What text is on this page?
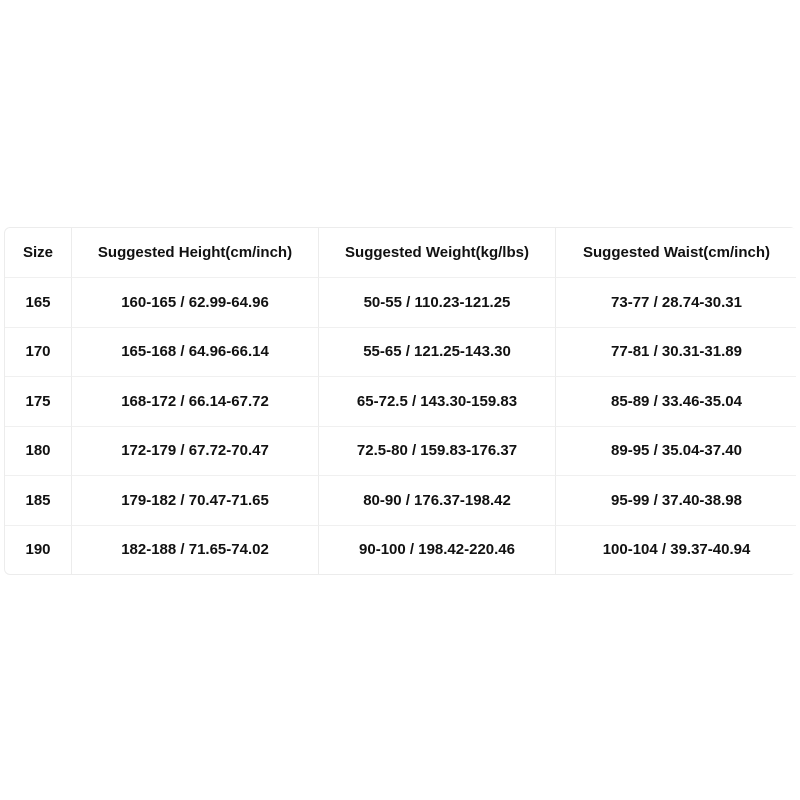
Size	Suggested Height(cm/inch)	Suggested Weight(kg/lbs)	Suggested Waist(cm/inch)
165	160-165 / 62.99-64.96	50-55 / 110.23-121.25	73-77 / 28.74-30.31
170	165-168 / 64.96-66.14	55-65 / 121.25-143.30	77-81 / 30.31-31.89
175	168-172 / 66.14-67.72	65-72.5 / 143.30-159.83	85-89 / 33.46-35.04
180	172-179 / 67.72-70.47	72.5-80 / 159.83-176.37	89-95 / 35.04-37.40
185	179-182 / 70.47-71.65	80-90 / 176.37-198.42	95-99 / 37.40-38.98
190	182-188 / 71.65-74.02	90-100 / 198.42-220.46	100-104 / 39.37-40.94
